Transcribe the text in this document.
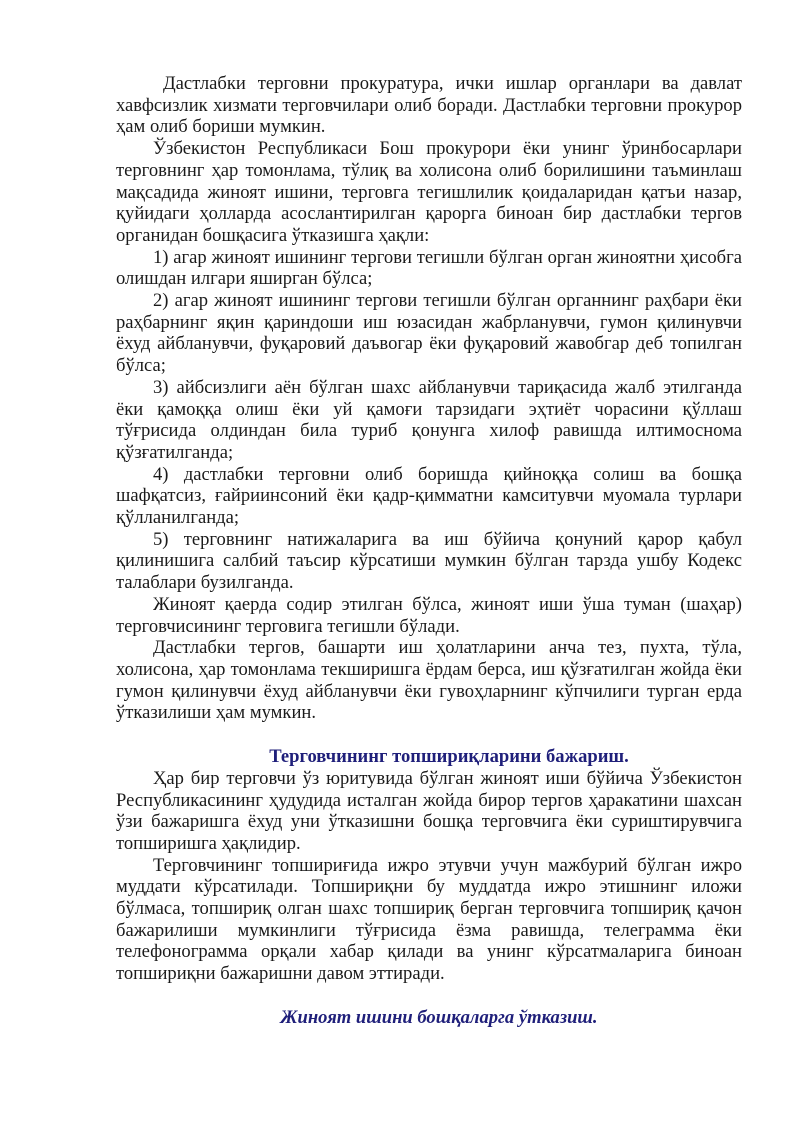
Дастлабки терговни прокуратура, ички ишлар органлари ва давлат хавфсизлик хизмати терговчилари олиб боради. Дастлабки терговни прокурор ҳам олиб бориши мумкин.

Ўзбекистон Республикаси Бош прокурори ёки унинг ўринбосарлари терговнинг ҳар томонлама, тўлиқ ва холисона олиб борилишини таъминлаш мақсадида жиноят ишини, терговга тегишлилик қоидаларидан қатъи назар, қуйидаги ҳолларда асослантирилган қарорга биноан бир дастлабки тергов органидан бошқасига ўтказишга ҳақли:

1) агар жиноят ишининг тергови тегишли бўлган орган жиноятни ҳисобга олишдан илгари яширган бўлса;

2) агар жиноят ишининг тергови тегишли бўлган органнинг раҳбари ёки раҳбарнинг яқин қариндоши иш юзасидан жабрланувчи, гумон қилинувчи ёхуд айбланувчи, фуқаровий даъвогар ёки фуқаровий жавобгар деб топилган бўлса;

3) айбсизлиги аён бўлган шахс айбланувчи тариқасида жалб этилганда ёки қамоққа олиш ёки уй қамоғи тарзидаги эҳтиёт чорасини қўллаш тўғрисида олдиндан била туриб қонунга хилоф равишда илтимоснома қўзғатилганда;

4) дастлабки терговни олиб боришда қийноққа солиш ва бошқа шафқатсиз, ғайриинсоний ёки қадр-қимматни камситувчи муомала турлари қўлланилганда;

5) терговнинг натижаларига ва иш бўйича қонуний қарор қабул қилинишига салбий таъсир кўрсатиши мумкин бўлган тарзда ушбу Кодекс талаблари бузилганда.

Жиноят қаерда содир этилган бўлса, жиноят иши ўша туман (шаҳар) терговчисининг терговига тегишли бўлади.

Дастлабки тергов, башарти иш ҳолатларини анча тез, пухта, тўла, холисона, ҳар томонлама текширишга ёрдам берса, иш қўзғатилган жойда ёки гумон қилинувчи ёхуд айбланувчи ёки гувоҳларнинг кўпчилиги турган ерда ўтказилиши ҳам мумкин.

Терговчининг топшириқларини бажариш.

Ҳар бир терговчи ўз юритувида бўлган жиноят иши бўйича Ўзбекистон Республикасининг ҳудудида исталган жойда бирор тергов ҳаракатини шахсан ўзи бажаришга ёхуд уни ўтказишни бошқа терговчига ёки суриштирувчига топширишга ҳақлидир.

Терговчининг топшириғида ижро этувчи учун мажбурий бўлган ижро муддати кўрсатилади. Топшириқни бу муддатда ижро этишнинг иложи бўлмаса, топшириқ олган шахс топшириқ берган терговчига топшириқ қачон бажарилиши мумкинлиги тўғрисида ёзма равишда, телеграмма ёки телефонограмма орқали хабар қилади ва унинг кўрсатмаларига биноан топшириқни бажаришни давом эттиради.

Жиноят ишини бошқаларга ўтказиш.
